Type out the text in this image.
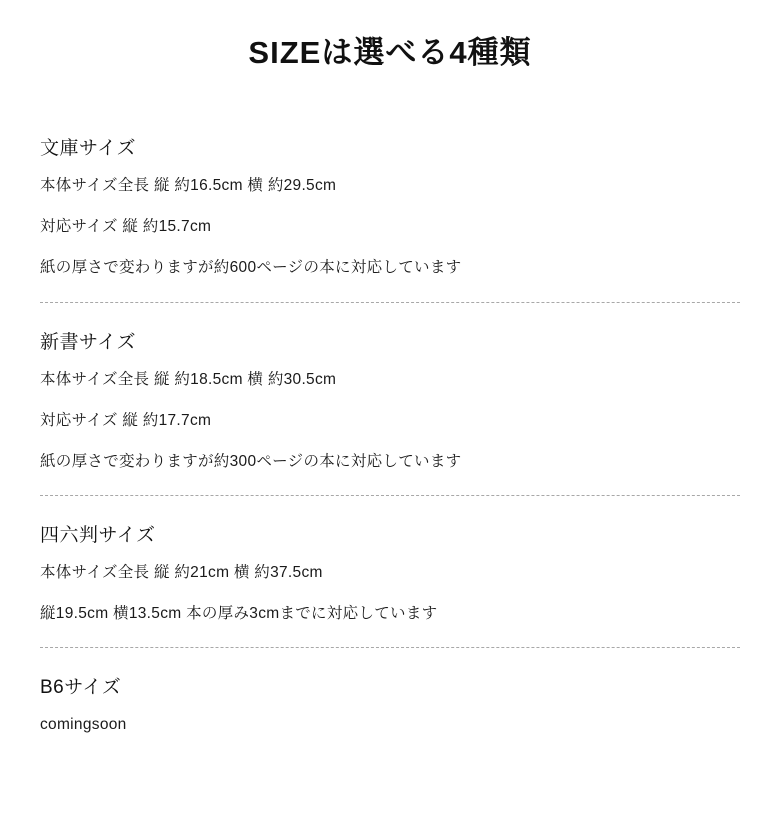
SIZEは選べる4種類
文庫サイズ

本体サイズ全長 縦 約16.5cm 横 約29.5cm

対応サイズ 縦 約15.7cm

紙の厚さで変わりますが約600ページの本に対応しています

新書サイズ

本体サイズ全長 縦 約18.5cm 横 約30.5cm

対応サイズ 縦 約17.7cm

紙の厚さで変わりますが約300ページの本に対応しています

四六判サイズ

本体サイズ全長 縦 約21cm 横 約37.5cm

縦19.5cm 横13.5cm 本の厚み3cmまでに対応しています

B6サイズ

comingsoon
